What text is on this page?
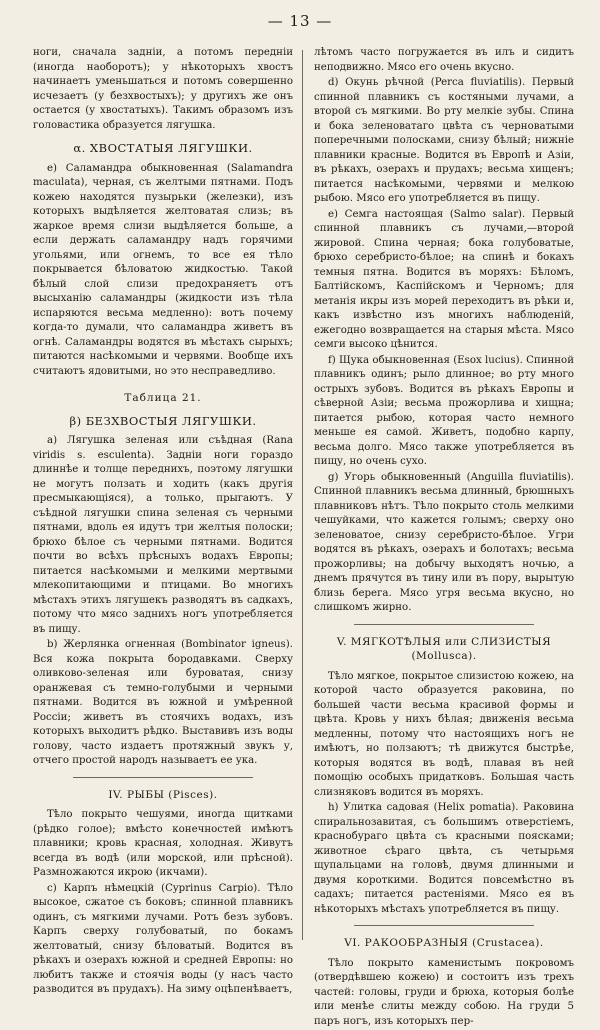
— 13 —

ноги, сначала задніи, а потомъ передніи (иногда наоборотъ); у нѣкоторыхъ хвостъ начинаетъ уменьшаться и потомъ совершенно исчезаетъ (у безхвостыхъ); у другихъ же онъ остается (у хвостатыхъ). Такимъ образомъ изъ головастика образуется лягушка.

α. ХВОСТАТЫЯ ЛЯГУШКИ.

е) Саламандра обыкновенная (Salamandra maculata), черная, съ желтыми пятнами. Подъ кожею находятся пузырьки (железки), изъ которыхъ выдѣляется желтоватая слизь; въ жаркое время слизи выдѣляется больше, а если держать саламандру надъ горячими угольями, или огнемъ, то все ея тѣло покрывается бѣловатою жидкостью. Такой бѣлый слой слизи предохраняетъ отъ высыханію саламандры (жидкости изъ тѣла испаряются весьма медленно): вотъ почему когда-то думали, что саламандра живетъ въ огнѣ. Саламандры водятся въ мѣстахъ сырыхъ; питаются насѣкомыми и червями. Вообще ихъ считаютъ ядовитыми, но это несправедливо.

Таблица 21.
β) БЕЗХВОСТЫЯ ЛЯГУШКИ.

а) Лягушка зеленая или съѣдная (Rana viridis s. esculenta). Задніи ноги гораздо длиннѣе и толще переднихъ, поэтому лягушки не могутъ ползать и ходить (какъ другія пресмыкающіяся), а только, прыгаютъ. У съѣдной лягушки спина зеленая съ черными пятнами, вдоль ея идутъ три желтыя полоски; брюхо бѣлое съ черными пятнами. Водится почти во всѣхъ прѣсныхъ водахъ Европы; питается насѣкомыми и мелкими мертвыми млекопитающими и птицами. Во многихъ мѣстахъ этихъ лягушекъ разводятъ въ садкахъ, потому что мясо заднихъ ногъ употребляется въ пищу.

b) Жерлянка огненная (Bombinator igneus). Вся кожа покрыта бородавками. Сверху оливково-зеленая или буроватая, снизу оранжевая съ темно-голубыми и черными пятнами. Водится въ южной и умѣренной Россіи; живетъ въ стоячихъ водахъ, изъ которыхъ выходитъ рѣдко. Выставивъ изъ воды голову, часто издаетъ протяжный звукъ у, отчего простой народъ называетъ ее ука.

IV. РЫБЫ (Pisces).

Тѣло покрыто чешуями, иногда щитками (рѣдко голое); вмѣсто конечностей имѣютъ плавники; кровь красная, холодная. Живутъ всегда въ водѣ (или морской, или прѣсной). Размножаются икрою (икчами).

с) Карпъ нѣмецкій (Cyprinus Carpio). Тѣло высокое, сжатое съ боковъ; спинной плавникъ одинъ, съ мягкими лучами. Ротъ безъ зубовъ. Карпъ сверху голубоватый, по бокамъ желтоватый, снизу бѣловатый. Водится въ рѣкахъ и озерахъ южной и средней Европы: но любитъ также и стоячія воды (у насъ часто разводится въ прудахъ). На зиму оцѣпенѣваетъ,

лѣтомъ часто погружается въ илъ и сидитъ неподвижно. Мясо его очень вкусно.

d) Окунь рѣчной (Perca fluviatilis). Первый спинной плавникъ съ костяными лучами, а второй съ мягкими. Во рту мелкіе зубы. Спина и бока зеленоватаго цвѣта съ черноватыми поперечными полосками, снизу бѣлый; нижніе плавники красные. Водится въ Европѣ и Азіи, въ рѣкахъ, озерахъ и прудахъ; весьма хищенъ; питается насѣкомыми, червями и мелкою рыбою. Мясо его употребляется въ пищу.

е) Семга настоящая (Salmo salar). Первый спинной плавникъ съ лучами,—второй жировой. Спина черная; бока голубоватые, брюхо серебристо-бѣлое; на спинѣ и бокахъ темныя пятна. Водится въ моряхъ: Бѣломъ, Балтійскомъ, Каспійскомъ и Черномъ; для метанія икры изъ морей переходитъ въ рѣки и, какъ извѣстно изъ многихъ наблюденій, ежегодно возвращается на старыя мѣста. Мясо семги высоко цѣнится.

f) Щука обыкновенная (Esox lucius). Спинной плавникъ одинъ; рыло длинное; во рту много острыхъ зубовъ. Водится въ рѣкахъ Европы и сѣверной Азіи; весьма прожорлива и хищна; питается рыбою, которая часто немного меньше ея самой. Живетъ, подобно карпу, весьма долго. Мясо также употребляется въ пищу, но очень сухо.

g) Угорь обыкновенный (Anguilla fluviatilis). Спинной плавникъ весьма длинный, брюшныхъ плавниковъ нѣтъ. Тѣло покрыто столь мелкими чешуйками, что кажется голымъ; сверху оно зеленоватое, снизу серебристо-бѣлое. Угри водятся въ рѣкахъ, озерахъ и болотахъ; весьма прожорливы; на добычу выходятъ ночью, а днемъ прячутся въ тину или въ пору, вырытую близь берега. Мясо угря весьма вкусно, но слишкомъ жирно.

V. МЯГКОТѢЛЫЯ или СЛИЗИСТЫЯ (Mollusca).

Тѣло мягкое, покрытое слизистою кожею, на которой часто образуется раковина, по большей части весьма красивой формы и цвѣта. Кровь у нихъ бѣлая; движенія весьма медленны, потому что настоящихъ ногъ не имѣютъ, но ползаютъ; тѣ движутся быстрѣе, которыя водятся въ водѣ, плавая въ ней помощію особыхъ придатковъ. Большая часть слизняковъ водится въ моряхъ.

h) Улитка садовая (Helix pomatia). Раковина спиральнозавитая, съ большимъ отверстіемъ, краснобураго цвѣта съ красными поясками; животное сѣраго цвѣта, съ четырьмя щупальцами на головѣ, двумя длинными и двумя короткими. Водится повсемѣстно въ садахъ; питается растеніями. Мясо ея въ нѣкоторыхъ мѣстахъ употребляется въ пищу.

VI. РАКООБРАЗНЫЯ (Crustacea).

Тѣло покрыто каменистымъ покровомъ (отвердѣвшею кожею) и состоитъ изъ трехъ частей: головы, груди и брюха, которыя болѣе или менѣе слиты между собою. На груди 5 паръ ногъ, изъ которыхъ пер-
